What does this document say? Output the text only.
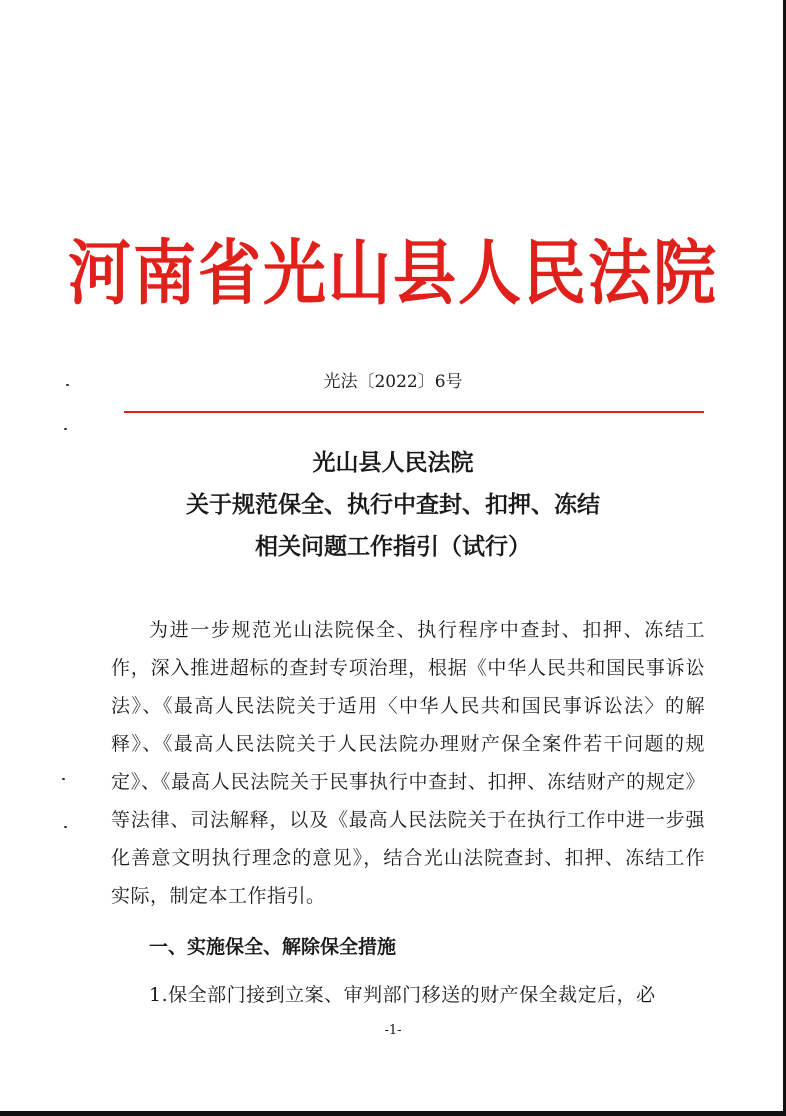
河南省光山县人民法院
光法〔2022〕6号
光山县人民法院
关于规范保全、执行中查封、扣押、冻结
相关问题工作指引（试行）

为进一步规范光山法院保全、执行程序中查封、扣押、冻结工作，深入推进超标的查封专项治理，根据《中华人民共和国民事诉讼法》、《最高人民法院关于适用〈中华人民共和国民事诉讼法〉的解释》、《最高人民法院关于人民法院办理财产保全案件若干问题的规定》、《最高人民法院关于民事执行中查封、扣押、冻结财产的规定》等法律、司法解释，以及《最高人民法院关于在执行工作中进一步强化善意文明执行理念的意见》，结合光山法院查封、扣押、冻结工作实际，制定本工作指引。

一、实施保全、解除保全措施

1.保全部门接到立案、审判部门移送的财产保全裁定后，必

-1-
